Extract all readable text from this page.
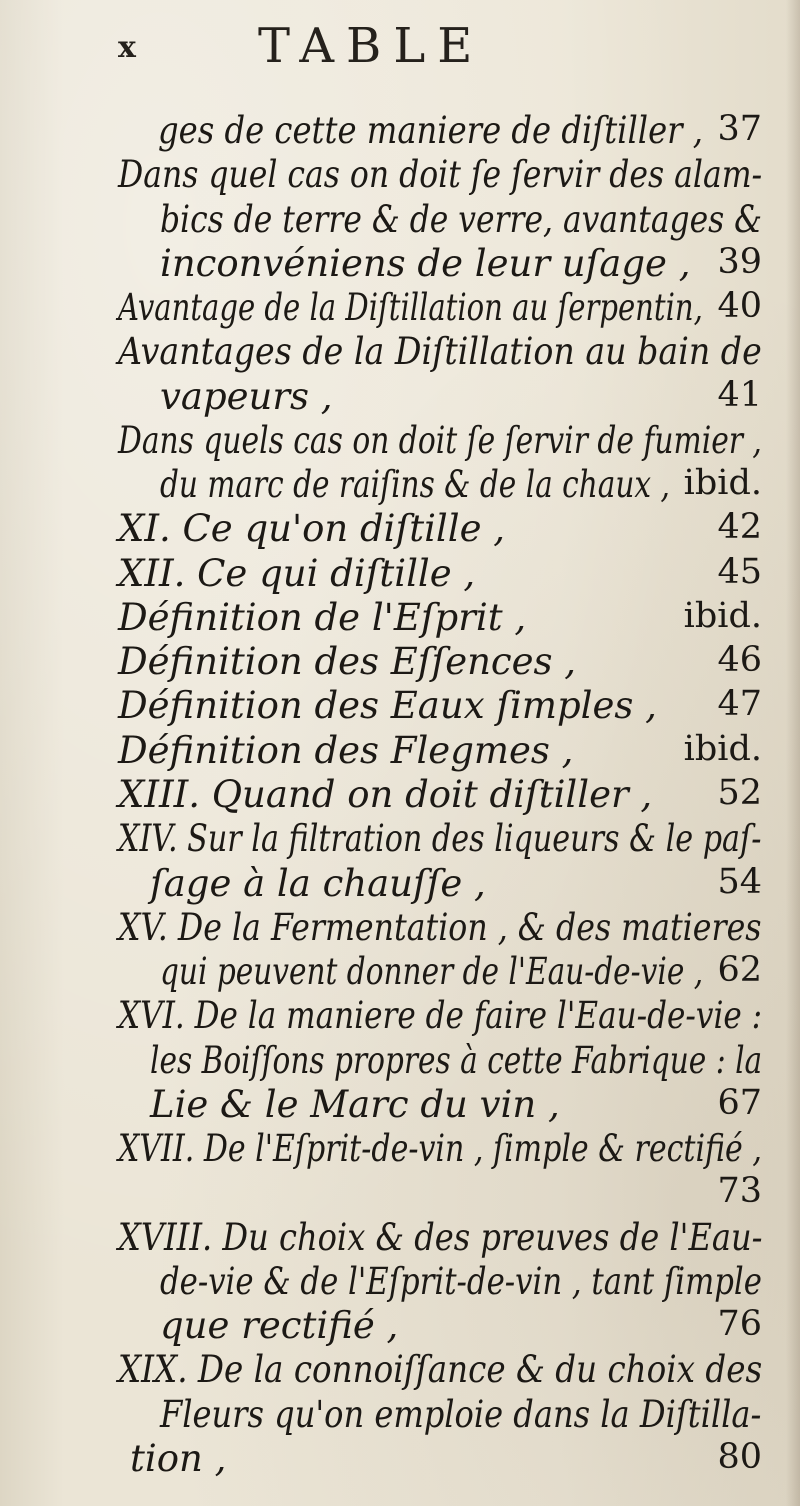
x	TABLE
ges de cette maniere de diſtiller , 37
Dans quel cas on doit ſe ſervir des alam-
bics de terre & de verre, avantages &
inconvéniens de leur uſage , 39
Avantage de la Diſtillation au ſerpentin, 40
Avantages de la Diſtillation au bain de
vapeurs ,	41
Dans quels cas on doit ſe ſervir de fumier ,
du marc de raiſins & de la chaux , ibid.
XI. Ce qu'on diſtille ,	42
XII. Ce qui diſtille ,	45
Définition de l'Eſprit ,	ibid.
Définition des Eſſences ,	46
Définition des Eaux ſimples , 47
Définition des Flegmes ,	ibid.
XIII. Quand on doit diſtiller , 52
XIV. Sur la filtration des liqueurs & le paſ-
ſage à la chauſſe ,	54
XV. De la Fermentation , & des matieres
qui peuvent donner de l'Eau-de-vie , 62
XVI. De la maniere de faire l'Eau-de-vie :
les Boiſſons propres à cette Fabrique : la
Lie & le Marc du vin ,	67
XVII. De l'Eſprit-de-vin , ſimple & rectifié ,
73
XVIII. Du choix & des preuves de l'Eau-
de-vie & de l'Eſprit-de-vin , tant ſimple
que rectifié ,	76
XIX. De la connoiſſance & du choix des
Fleurs qu'on emploie dans la Diſtilla-
tion ,	80
